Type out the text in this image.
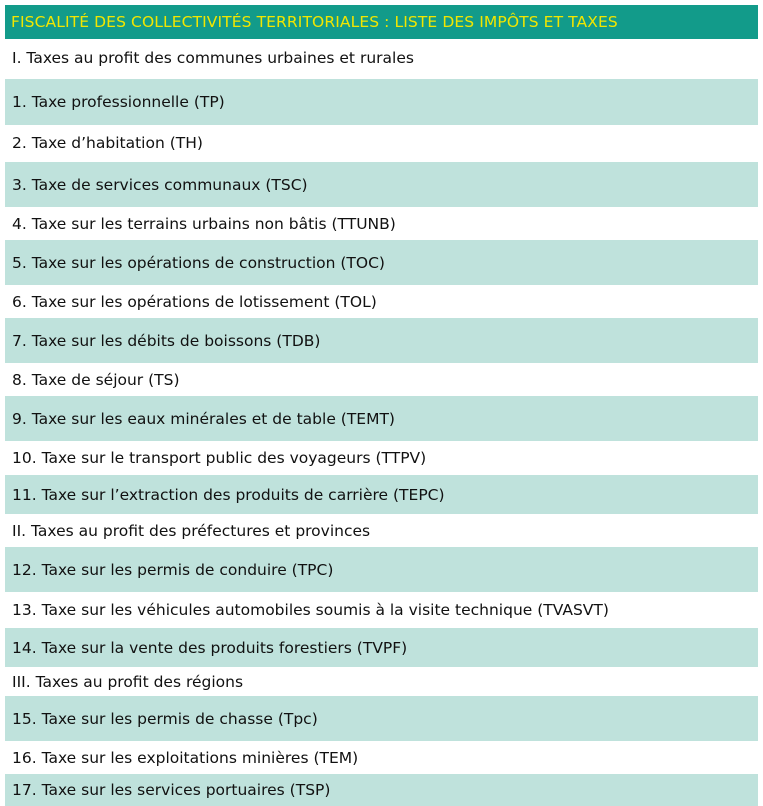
FISCALITÉ DES COLLECTIVITÉS TERRITORIALES : LISTE DES IMPÔTS ET TAXES
I. Taxes au profit des communes urbaines et rurales
1. Taxe professionnelle (TP)
2. Taxe d’habitation (TH)
3. Taxe de services communaux (TSC)
4. Taxe sur les terrains urbains non bâtis (TTUNB)
5. Taxe sur les opérations de construction (TOC)
6. Taxe sur les opérations de lotissement (TOL)
7. Taxe sur les débits de boissons (TDB)
8. Taxe de séjour (TS)
9. Taxe sur les eaux minérales et de table (TEMT)
10. Taxe sur le transport public des voyageurs (TTPV)
11. Taxe sur l’extraction des produits de carrière (TEPC)
II. Taxes au profit des préfectures et provinces
12. Taxe sur les permis de conduire (TPC)
13. Taxe sur les véhicules automobiles soumis à la visite technique (TVASVT)
14. Taxe sur la vente des produits forestiers (TVPF)
III. Taxes au profit des régions
15. Taxe sur les permis de chasse (Tpc)
16. Taxe sur les exploitations minières (TEM)
17. Taxe sur les services portuaires (TSP)
